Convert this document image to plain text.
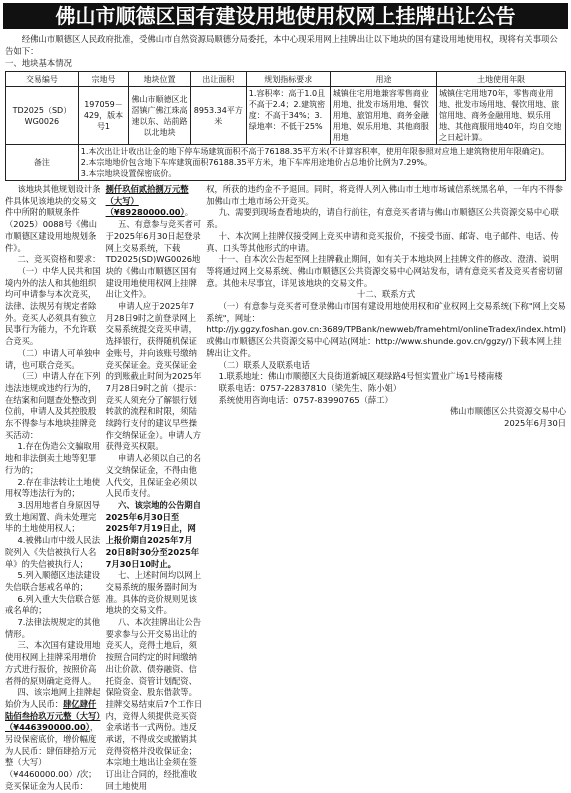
佛山市顺德区国有建设用地使用权网上挂牌出让公告
经佛山市顺德区人民政府批准，受佛山市自然资源局顺德分局委托，本中心现采用网上挂牌出让以下地块的国有建设用地使用权，现将有关事项公告如下：
一、地块基本情况
交易编号	宗地号	地块位置	出让面积	规划指标要求	用途	土地使用年限
TD2025（SD）WG0026	197059－429，版本号1	佛山市顺德区北滘镇广佛江珠高速以东、站前路以北地块	8953.34平方米	1.容积率：高于1.0且不高于2.4；2.建筑密度：不高于34%；3.绿地率：不低于25%	城镇住宅用地兼容零售商业用地、批发市场用地、餐饮用地、旅馆用地、商务金融用地、娱乐用地、其他商服用地	城镇住宅用地70年，零售商业用地、批发市场用地、餐饮用地、旅馆用地、商务金融用地、娱乐用地、其他商服用地40年，均自交地之日起计算。
备注	1.本次出让计收出让金的地下停车场建筑面积不高于76188.35平方米(不计算容积率，使用年限参照对应地上建筑物使用年限确定)。
2.本宗地地价包含地下车库建筑面积76188.35平方米，地下车库用途地价占总地价比例为7.29%。
3.本宗地块设置保密底价。					

该地块其他规划设计条件具体见该地块的交易文件中所附的顺规条件（2025）0088号《佛山市顺德区建设用地规划条件》。

二、竞买资格和要求：

（一）中华人民共和国境内外的法人和其他组织均可申请参与本次竞买，法律、法规另有规定者除外。竞买人必须具有独立民事行为能力，不允许联合竞买。

（二）申请人可单独申请，也可联合竞买。

（三）申请人存在下列违法违规或违约行为的，在结案和问题查处整改到位前，申请人及其控股股东不得参与本地块挂牌竞买活动：

1.存在伪造公文骗取用地和非法倒卖土地等犯罪行为的；

2.存在非法转让土地使用权等违法行为的；

3.因用地者自身原因导致土地闲置、尚未处理完毕的土地使用权人；

4.被佛山市中级人民法院列入《失信被执行人名单》的失信被执行人；

5.列入顺德区违法建设失信联合惩戒名单的；

6.列入重大失信联合惩戒名单的；

7.法律法规规定的其他情形。

三、本次国有建设用地使用权网上挂牌采用增价方式进行报价，按照价高者得的原则确定竞得人。

四、该宗地网上挂牌起始价为人民币：肆亿肆仟陆佰叁拾玖万元整（大写）（¥446390000.00），另设保密底价，增价幅度为人民币：肆佰肆拾万元整（大写）（¥4460000.00）/次；竞买保证金为人民币：

捌仟玖佰贰拾捌万元整（大写）（¥89280000.00）。

五、有意参与竞买者可于2025年6月30日起登录网上交易系统，下载TD2025(SD)WG0026地块的《佛山市顺德区国有建设用地使用权网上挂牌出让文件》。

申请人应于2025年7月28日9时之前登录网上交易系统提交竞买申请，选择银行，获得随机保证金账号，并向该账号缴纳竞买保证金。竞买保证金的到账截止时间为2025年7月28日9时之前（提示：竞买人须充分了解银行划转款的流程和时限，须陆续跨行支付的建议早些操作交纳保证金）。申请人方获得竞买权限。

申请人必须以自己的名义交纳保证金，不得由他人代交，且保证金必须以人民币支付。

六、该宗地的公告期自2025年6月30日至2025年7月19日止，网上报价期自2025年7月20日8时30分至2025年7月30日10时止。

七、上述时间均以网上交易系统的服务器时间为准。具体的竞价规则见该地块的交易文件。

八、本次挂牌出让公告要求参与公开交易出让的竞买人，竞得土地后，须按照合同约定的时间缴纳出让价款、债券融资、信托资金、资管计划配资、保险资金、股东借款等。挂牌交易结束后7个工作日内，竞得人须提供竞买资金承诺书一式两份。违反承诺，不得成交或撤销其竞得资格并没收保证金；本宗地土地出让金须在签订出让合同的，经批准收回土地使用

权，所获的违约金不予退回。同时，将竞得人列入佛山市土地市场诚信系统黑名单，一年内不得参加佛山市土地市场公开竞买。

九、需要到现场查看地块的，请自行前往，有意竞买者请与佛山市顺德区公共资源交易中心联系。

十、本次网上挂牌仅接受网上竞买申请和竞买报价，不接受书面、邮寄、电子邮件、电话、传真、口头等其他形式的申请。

十一、自本次公告起至网上挂牌截止期间，如有关于本地块网上挂牌文件的修改、澄清、说明等将通过网上交易系统、佛山市顺德区公共资源交易中心网站发布，请有意竞买者及竞买者密切留意。其他未尽事宜，详见该地块的交易文件。

十二、联系方式

（一）有意参与竞买者可登录佛山市国有建设用地使用权和矿业权网上交易系统(下称"网上交易系统"，网址：http://jy.ggzy.foshan.gov.cn:3689/TPBank/newweb/framehtml/onlineTradex/index.html)或佛山市顺德区公共资源交易中心网站(网址：http://www.shunde.gov.cn/ggzy/)下载本网上挂牌出让文件。

（二）联系人及联系电话

1.联系地址：佛山市顺德区大良街道新城区观绿路4号恒实置业广场1号楼南楼

联系电话：0757-22837810（梁先生、陈小姐）

系统使用咨询电话：0757-83990765（薛工）

佛山市顺德区公共资源交易中心

2025年6月30日
